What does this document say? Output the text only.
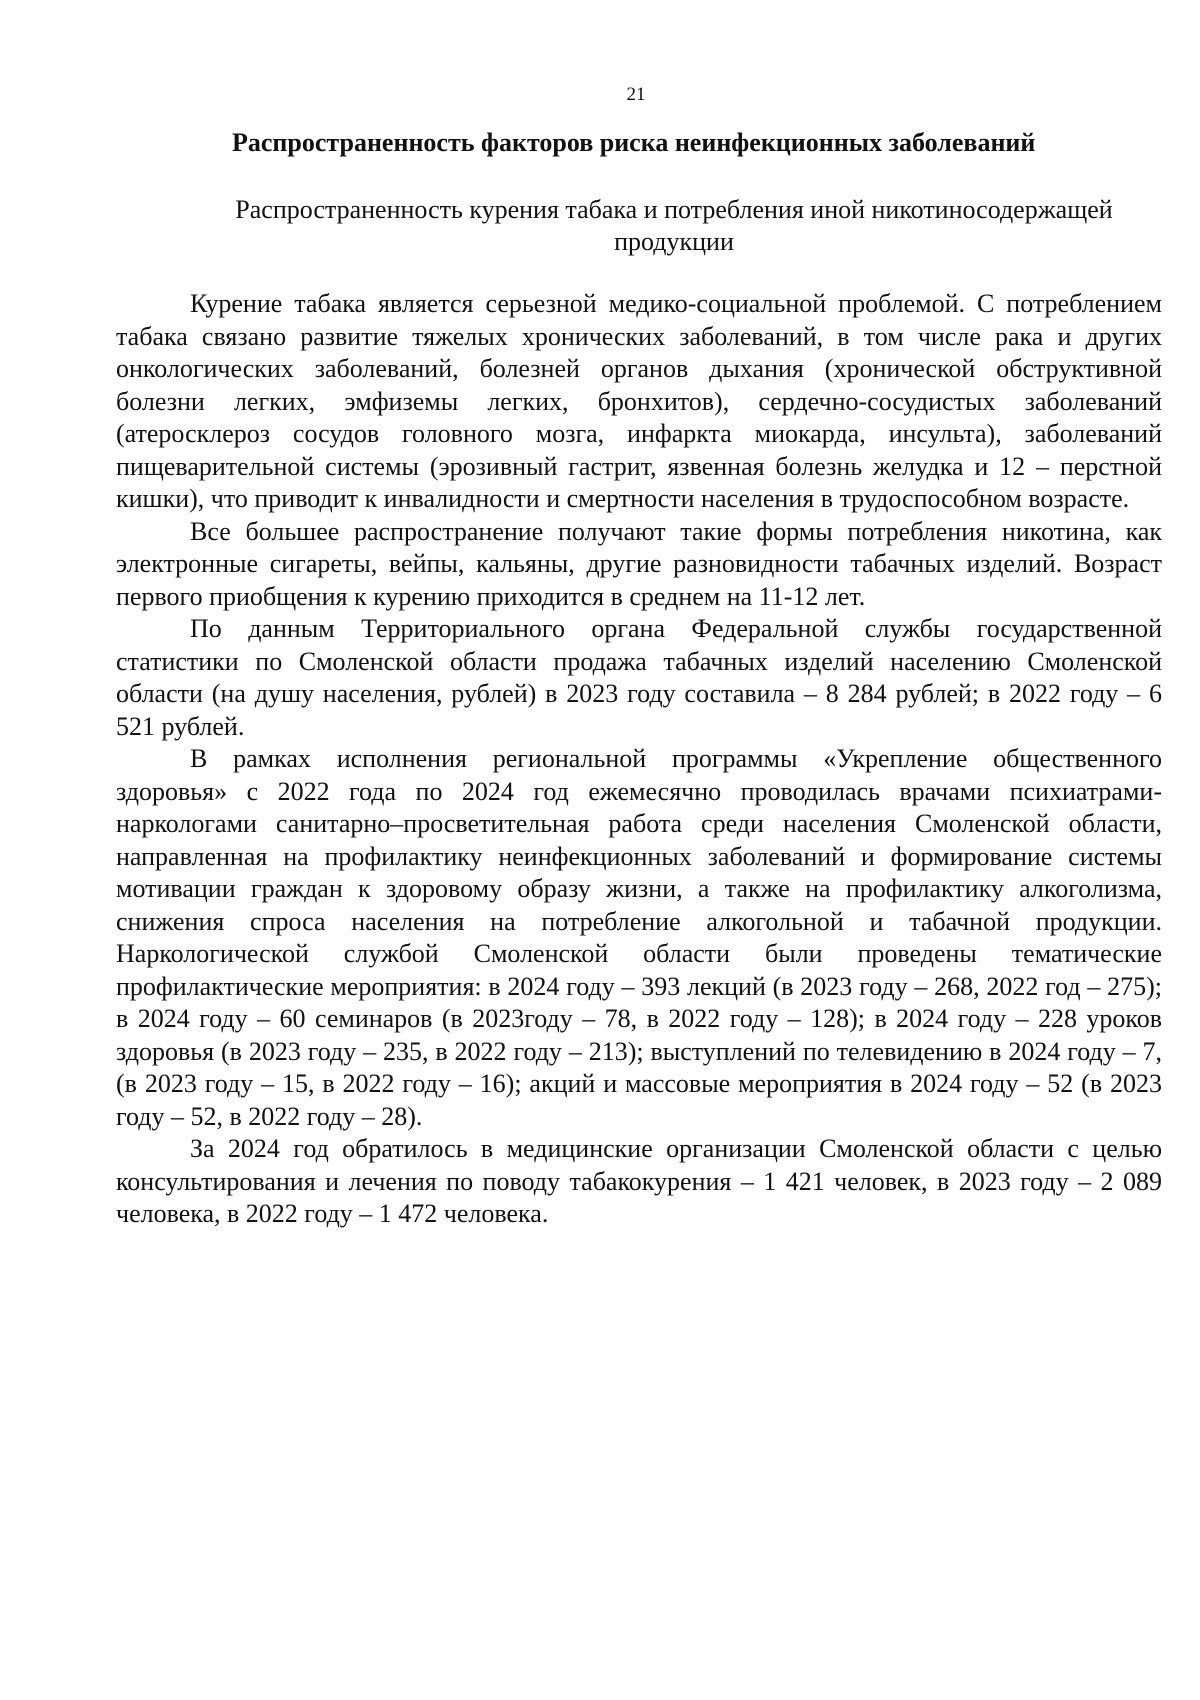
21
Распространенность факторов риска неинфекционных заболеваний
Распространенность курения табака и потребления иной никотиносодержащей продукции

Курение табака является серьезной медико-социальной проблемой. С потреблением табака связано развитие тяжелых хронических заболеваний, в том числе рака и других онкологических заболеваний, болезней органов дыхания (хронической обструктивной болезни легких, эмфиземы легких, бронхитов), сердечно-сосудистых заболеваний (атеросклероз сосудов головного мозга, инфаркта миокарда, инсульта), заболеваний пищеварительной системы (эрозивный гастрит, язвенная болезнь желудка и 12 – перстной кишки), что приводит к инвалидности и смертности населения в трудоспособном возрасте.

Все большее распространение получают такие формы потребления никотина, как электронные сигареты, вейпы, кальяны, другие разновидности табачных изделий. Возраст первого приобщения к курению приходится в среднем на 11-12 лет.

По данным Территориального органа Федеральной службы государственной статистики по Смоленской области продажа табачных изделий населению Смоленской области (на душу населения, рублей) в 2023 году составила – 8 284 рублей; в 2022 году – 6 521 рублей.

В рамках исполнения региональной программы «Укрепление общественного здоровья» с 2022 года по 2024 год ежемесячно проводилась врачами психиатрами-наркологами санитарно–просветительная работа среди населения Смоленской области, направленная на профилактику неинфекционных заболеваний и формирование системы мотивации граждан к здоровому образу жизни, а также на профилактику алкоголизма, снижения спроса населения на потребление алкогольной и табачной продукции. Наркологической службой Смоленской области были проведены тематические профилактические мероприятия: в 2024 году – 393 лекций (в 2023 году – 268, 2022 год – 275); в 2024 году – 60 семинаров (в 2023году – 78, в 2022 году – 128); в 2024 году – 228 уроков здоровья (в 2023 году – 235, в 2022 году – 213); выступлений по телевидению в 2024 году – 7, (в 2023 году – 15, в 2022 году – 16); акций и массовые мероприятия в 2024 году – 52 (в 2023 году – 52, в 2022 году – 28).

За 2024 год обратилось в медицинские организации Смоленской области с целью консультирования и лечения по поводу табакокурения – 1 421 человек, в 2023 году – 2 089 человека, в 2022 году – 1 472 человека.
